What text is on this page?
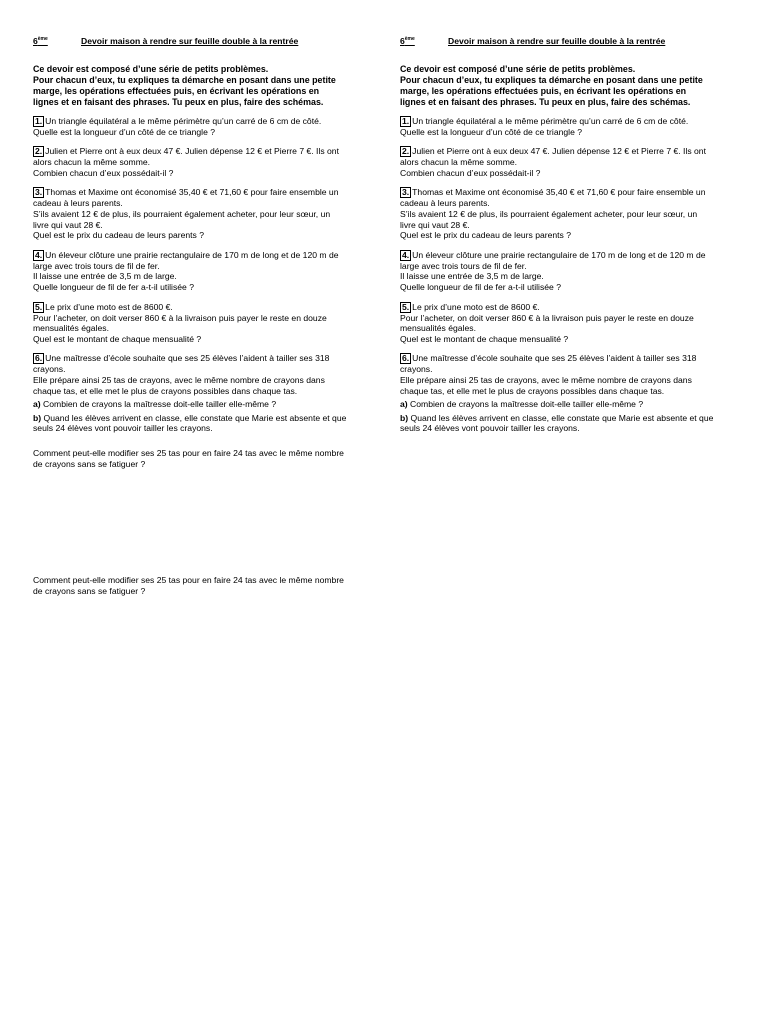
6ème	Devoir maison à rendre sur feuille double à la rentrée
Ce devoir est composé d’une série de petits problèmes.
Pour chacun d’eux, tu expliques ta démarche en posant dans une petite
marge, les opérations effectuées puis, en écrivant les opérations en
lignes et en faisant des phrases. Tu peux en plus, faire des schémas.
1. Un triangle équilatéral a le même périmètre qu’un carré de 6 cm de côté.
Quelle est la longueur d’un côté de ce triangle ?
2. Julien et Pierre ont à eux deux 47 €. Julien dépense 12 € et Pierre 7 €. Ils ont
alors chacun la même somme.
Combien chacun d’eux possédait-il ?
3. Thomas et Maxime ont économisé 35,40 € et 71,60 € pour faire ensemble un
cadeau à leurs parents.
S’ils avaient 12 € de plus, ils pourraient également acheter, pour leur sœur, un
livre qui vaut 28 €.
Quel est le prix du cadeau de leurs parents ?
4. Un éleveur clôture une prairie rectangulaire de 170 m de long et de 120 m de
large avec trois tours de fil de fer.
Il laisse une entrée de 3,5 m de large.
Quelle longueur de fil de fer a-t-il utilisée ?
5. Le prix d’une moto est de 8600 €.
Pour l’acheter, on doit verser 860 € à la livraison puis payer le reste en douze
mensualités égales.
Quel est le montant de chaque mensualité ?
6. Une maîtresse d’école souhaite que ses 25 élèves l’aident à tailler ses 318
crayons.
Elle prépare ainsi 25 tas de crayons, avec le même nombre de crayons dans
chaque tas, et elle met le plus de crayons possibles dans chaque tas.
a) Combien de crayons la maîtresse doit-elle tailler elle-même ?
b) Quand les élèves arrivent en classe, elle constate que Marie est absente et que
seuls 24 élèves vont pouvoir tailler les crayons.
Comment peut-elle modifier ses 25 tas pour en faire 24 tas avec le même nombre
de crayons sans se fatiguer ?
6ème	Devoir maison à rendre sur feuille double à la rentrée
Ce devoir est composé d’une série de petits problèmes.
Pour chacun d’eux, tu expliques ta démarche en posant dans une petite
marge, les opérations effectuées puis, en écrivant les opérations en
lignes et en faisant des phrases. Tu peux en plus, faire des schémas.
1. Un triangle équilatéral a le même périmètre qu’un carré de 6 cm de côté.
Quelle est la longueur d’un côté de ce triangle ?
2. Julien et Pierre ont à eux deux 47 €. Julien dépense 12 € et Pierre 7 €. Ils ont
alors chacun la même somme.
Combien chacun d’eux possédait-il ?
3. Thomas et Maxime ont économisé 35,40 € et 71,60 € pour faire ensemble un
cadeau à leurs parents.
S’ils avaient 12 € de plus, ils pourraient également acheter, pour leur sœur, un
livre qui vaut 28 €.
Quel est le prix du cadeau de leurs parents ?
4. Un éleveur clôture une prairie rectangulaire de 170 m de long et de 120 m de
large avec trois tours de fil de fer.
Il laisse une entrée de 3,5 m de large.
Quelle longueur de fil de fer a-t-il utilisée ?
5. Le prix d’une moto est de 8600 €.
Pour l’acheter, on doit verser 860 € à la livraison puis payer le reste en douze
mensualités égales.
Quel est le montant de chaque mensualité ?
6. Une maîtresse d’école souhaite que ses 25 élèves l’aident à tailler ses 318
crayons.
Elle prépare ainsi 25 tas de crayons, avec le même nombre de crayons dans
chaque tas, et elle met le plus de crayons possibles dans chaque tas.
a) Combien de crayons la maîtresse doit-elle tailler elle-même ?
b) Quand les élèves arrivent en classe, elle constate que Marie est absente et que
seuls 24 élèves vont pouvoir tailler les crayons.
Comment peut-elle modifier ses 25 tas pour en faire 24 tas avec le même nombre
de crayons sans se fatiguer ?
